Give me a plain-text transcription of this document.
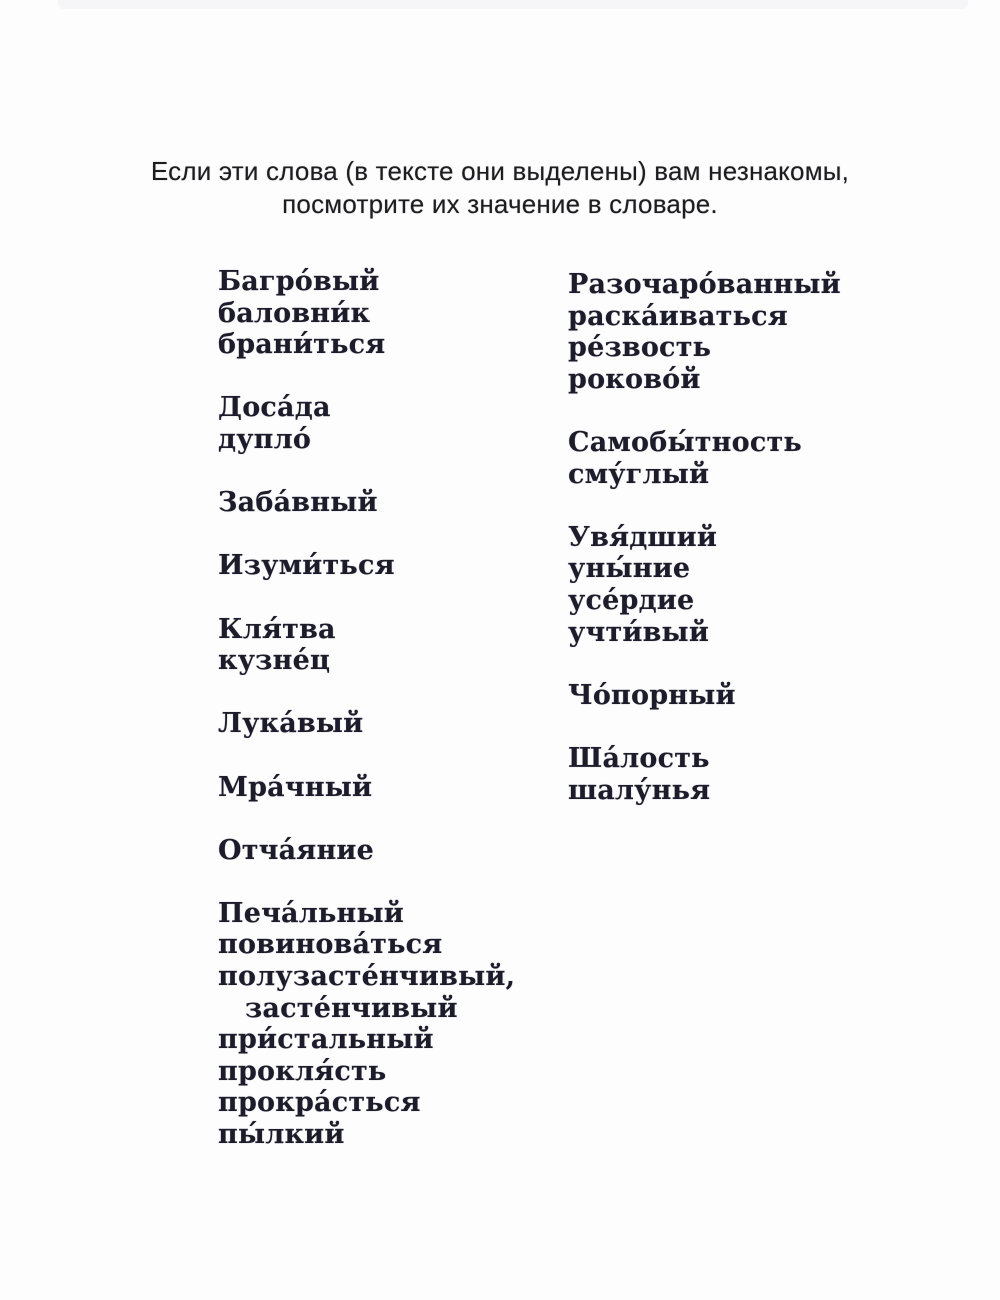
Если эти слова (в тексте они выделены) вам незнакомы,
посмотрите их значение в словаре.
Багро́вый
баловни́к
брани́ться

Доса́да
дупло́

Заба́вный

Изуми́ться

Кля́тва
кузне́ц

Лука́вый

Мра́чный

Отча́яние

Печа́льный
повинова́ться
полузасте́нчивый,
засте́нчивый
при́стальный
прокля́сть
прокра́сться
пы́лкий
Разочаро́ванный
раска́иваться
ре́звость
роково́й

Самобы́тность
сму́глый

Увя́дший
уны́ние
усе́рдие
учти́вый

Чо́порный

Ша́лость
шалу́нья
